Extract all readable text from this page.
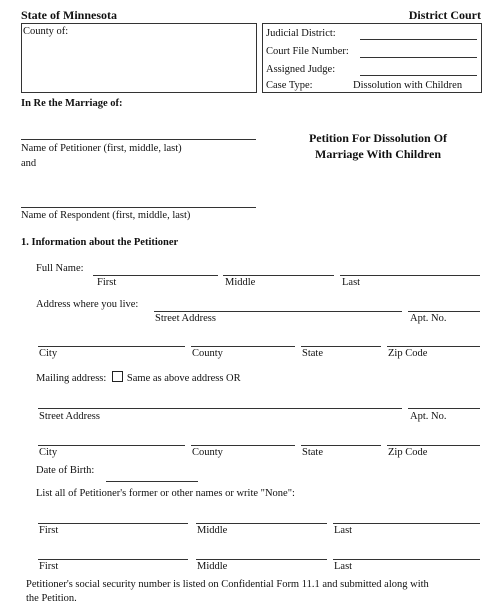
State of Minnesota	District Court
County of:	Judicial District:
Court File Number:
Assigned Judge:
Case Type:	Dissolution with Children
In Re the Marriage of:
Name of Petitioner (first, middle, last)
and
Name of Respondent (first, middle, last)
Petition For Dissolution Of
Marriage With Children
1. Information about the Petitioner
Full Name:
First	Middle	Last
Address where you live:
Street Address	Apt. No.
City	County	State	Zip Code
Mailing address: Same as above address OR
Street Address	Apt. No.
City	County	State	Zip Code
Date of Birth:
List all of Petitioner's former or other names or write "None":
First	Middle	Last
First	Middle	Last
Petitioner's social security number is listed on Confidential Form 11.1 and submitted along with
the Petition.
